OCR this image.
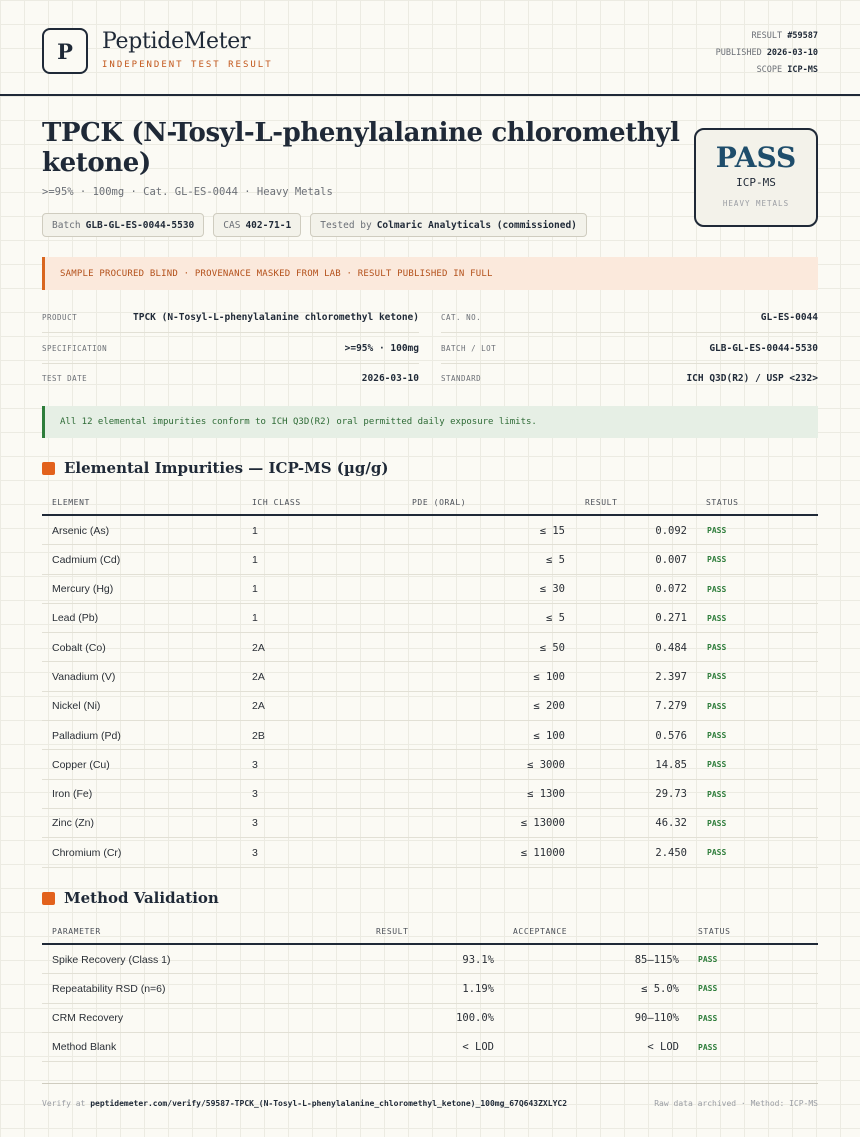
P	PeptideMeter
INDEPENDENT TEST RESULT
RESULT #59587
PUBLISHED 2026-03-10
SCOPE ICP-MS
TPCK (N-Tosyl-L-phenylalanine chloromethyl ketone)
>=95% · 100mg · Cat. GL-ES-0044 · Heavy Metals
Batch GLB-GL-ES-0044-5530	CAS 402-71-1	Tested by Colmaric Analyticals (commissioned)
PASS
ICP-MS
HEAVY METALS
SAMPLE PROCURED BLIND · PROVENANCE MASKED FROM LAB · RESULT PUBLISHED IN FULL
PRODUCT	TPCK (N-Tosyl-L-phenylalanine chloromethyl ketone)	CAT. NO.	GL-ES-0044
SPECIFICATION	>=95% · 100mg	BATCH / LOT	GLB-GL-ES-0044-5530
TEST DATE	2026-03-10	STANDARD	ICH Q3D(R2) / USP <232>
All 12 elemental impurities conform to ICH Q3D(R2) oral permitted daily exposure limits.
Elemental Impurities — ICP-MS (µg/g)
ELEMENT	ICH CLASS	PDE (ORAL)	RESULT	STATUS
Arsenic (As)	1	≤ 15	0.092	PASS
Cadmium (Cd)	1	≤ 5	0.007	PASS
Mercury (Hg)	1	≤ 30	0.072	PASS
Lead (Pb)	1	≤ 5	0.271	PASS
Cobalt (Co)	2A	≤ 50	0.484	PASS
Vanadium (V)	2A	≤ 100	2.397	PASS
Nickel (Ni)	2A	≤ 200	7.279	PASS
Palladium (Pd)	2B	≤ 100	0.576	PASS
Copper (Cu)	3	≤ 3000	14.85	PASS
Iron (Fe)	3	≤ 1300	29.73	PASS
Zinc (Zn)	3	≤ 13000	46.32	PASS
Chromium (Cr)	3	≤ 11000	2.450	PASS
Method Validation
PARAMETER	RESULT	ACCEPTANCE	STATUS
Spike Recovery (Class 1)	93.1%	85–115% PASS
Repeatability RSD (n=6)	1.19%	≤ 5.0% PASS
CRM Recovery	100.0%	90–110% PASS
Method Blank	< LOD	< LOD PASS
Verify at peptidemeter.com/verify/59587-TPCK_(N-Tosyl-L-phenylalanine_chloromethyl_ketone)_100mg_67Q643ZXLYC2	Raw data archived · Method: ICP-MS
